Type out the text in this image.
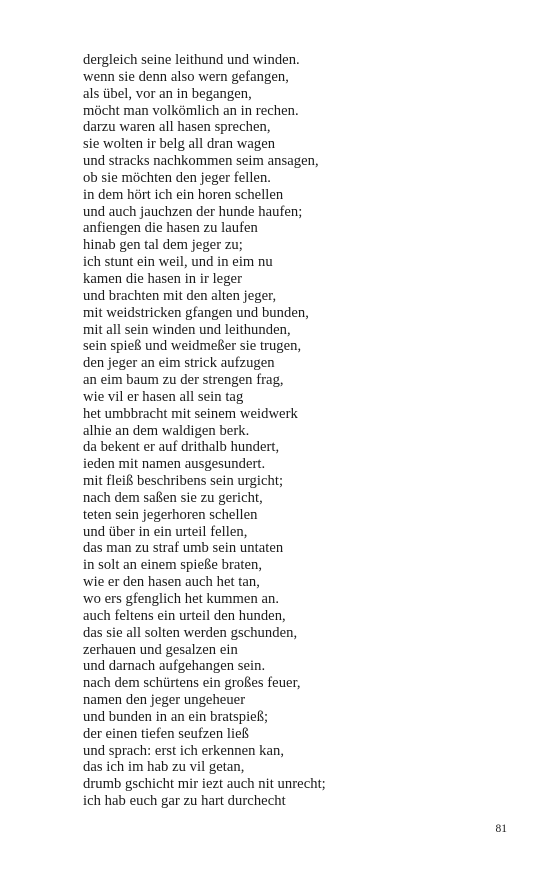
dergleich seine leithund und winden.
wenn sie denn also wern gefangen,
als übel, vor an in begangen,
möcht man volkömlich an in rechen.
darzu waren all hasen sprechen,
sie wolten ir belg all dran wagen
und stracks nachkommen seim ansagen,
ob sie möchten den jeger fellen.
in dem hört ich ein horen schellen
und auch jauchzen der hunde haufen;
anfiengen die hasen zu laufen
hinab gen tal dem jeger zu;
ich stunt ein weil, und in eim nu
kamen die hasen in ir leger
und brachten mit den alten jeger,
mit weidstricken gfangen und bunden,
mit all sein winden und leithunden,
sein spieß und weidmeßer sie trugen,
den jeger an eim strick aufzugen
an eim baum zu der strengen frag,
wie vil er hasen all sein tag
het umbbracht mit seinem weidwerk
alhie an dem waldigen berk.
da bekent er auf drithalb hundert,
ieden mit namen ausgesundert.
mit fleiß beschribens sein urgicht;
nach dem saßen sie zu gericht,
teten sein jegerhoren schellen
und über in ein urteil fellen,
das man zu straf umb sein untaten
in solt an einem spieße braten,
wie er den hasen auch het tan,
wo ers gfenglich het kummen an.
auch feltens ein urteil den hunden,
das sie all solten werden gschunden,
zerhauen und gesalzen ein
und darnach aufgehangen sein.
nach dem schürtens ein großes feuer,
namen den jeger ungeheuer
und bunden in an ein bratspieß;
der einen tiefen seufzen ließ
und sprach: erst ich erkennen kan,
das ich im hab zu vil getan,
drumb gschicht mir iezt auch nit unrecht;
ich hab euch gar zu hart durchecht
81
